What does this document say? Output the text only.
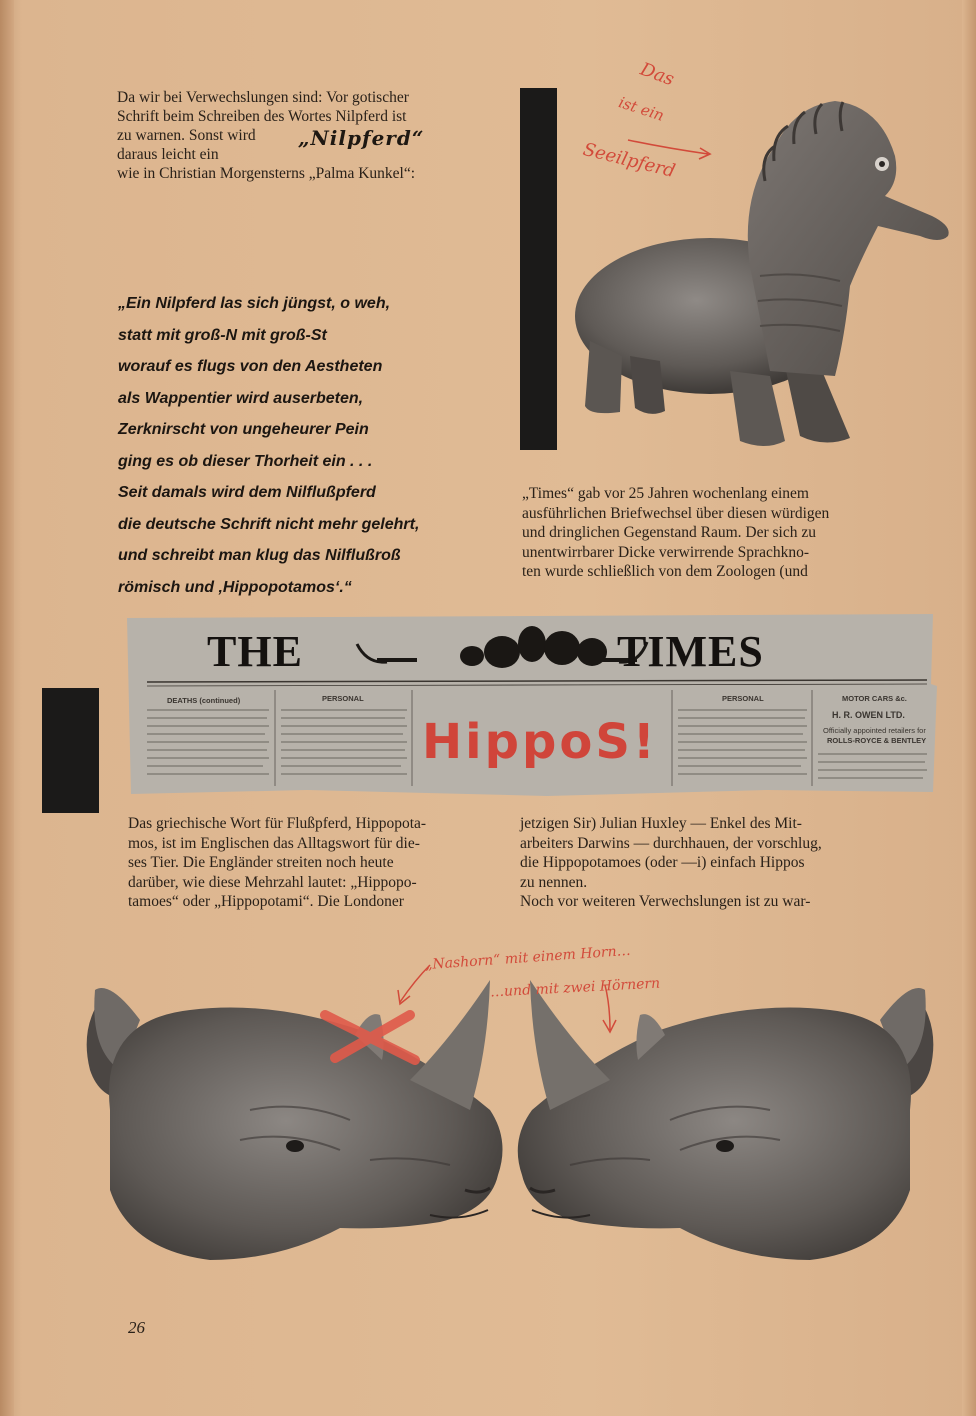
Da wir bei Verwechslungen sind: Vor gotischer

Schrift beim Schreiben des Wortes Nilpferd ist

zu warnen. Sonst wird

daraus leicht ein

wie in Christian Morgensterns „Palma Kunkel“:

„Nilpferd“
Das
ist ein
Seeilpferd
„Ein Nilpferd las sich jüngst, o weh,
statt mit groß-N mit groß-St
worauf es flugs von den Aestheten
als Wappentier wird auserbeten,
Zerknirscht von ungeheurer Pein
ging es ob dieser Thorheit ein . . .
Seit damals wird dem Nilflußpferd
die deutsche Schrift nicht mehr gelehrt,
und schreibt man klug das Nilflußroß
römisch und ‚Hippopotamos‘.“

„Times“ gab vor 25 Jahren wochenlang einem

ausführlichen Briefwechsel über diesen würdigen

und dringlichen Gegenstand Raum. Der sich zu

unentwirrbarer Dicke verwirrende Sprachkno-

ten wurde schließlich von dem Zoologen (und

THE	TIMES
HippoS!
DEATHS (continued)	PERSONAL	PERSONAL	MOTOR CARS &c.
H. R. OWEN LTD.
Officially appointed retailers for
ROLLS-ROYCE & BENTLEY

Das griechische Wort für Flußpferd, Hippopota-

mos, ist im Englischen das Alltagswort für die-

ses Tier. Die Engländer streiten noch heute

darüber, wie diese Mehrzahl lautet: „Hippopo-

tamoes“ oder „Hippopotami“. Die Londoner

jetzigen Sir) Julian Huxley — Enkel des Mit-

arbeiters Darwins — durchhauen, der vorschlug,

die Hippopotamoes (oder —i) einfach Hippos

zu nennen.

Noch vor weiteren Verwechslungen ist zu war-

„Nashorn“ mit einem Horn…
…und mit zwei Hörnern
26
